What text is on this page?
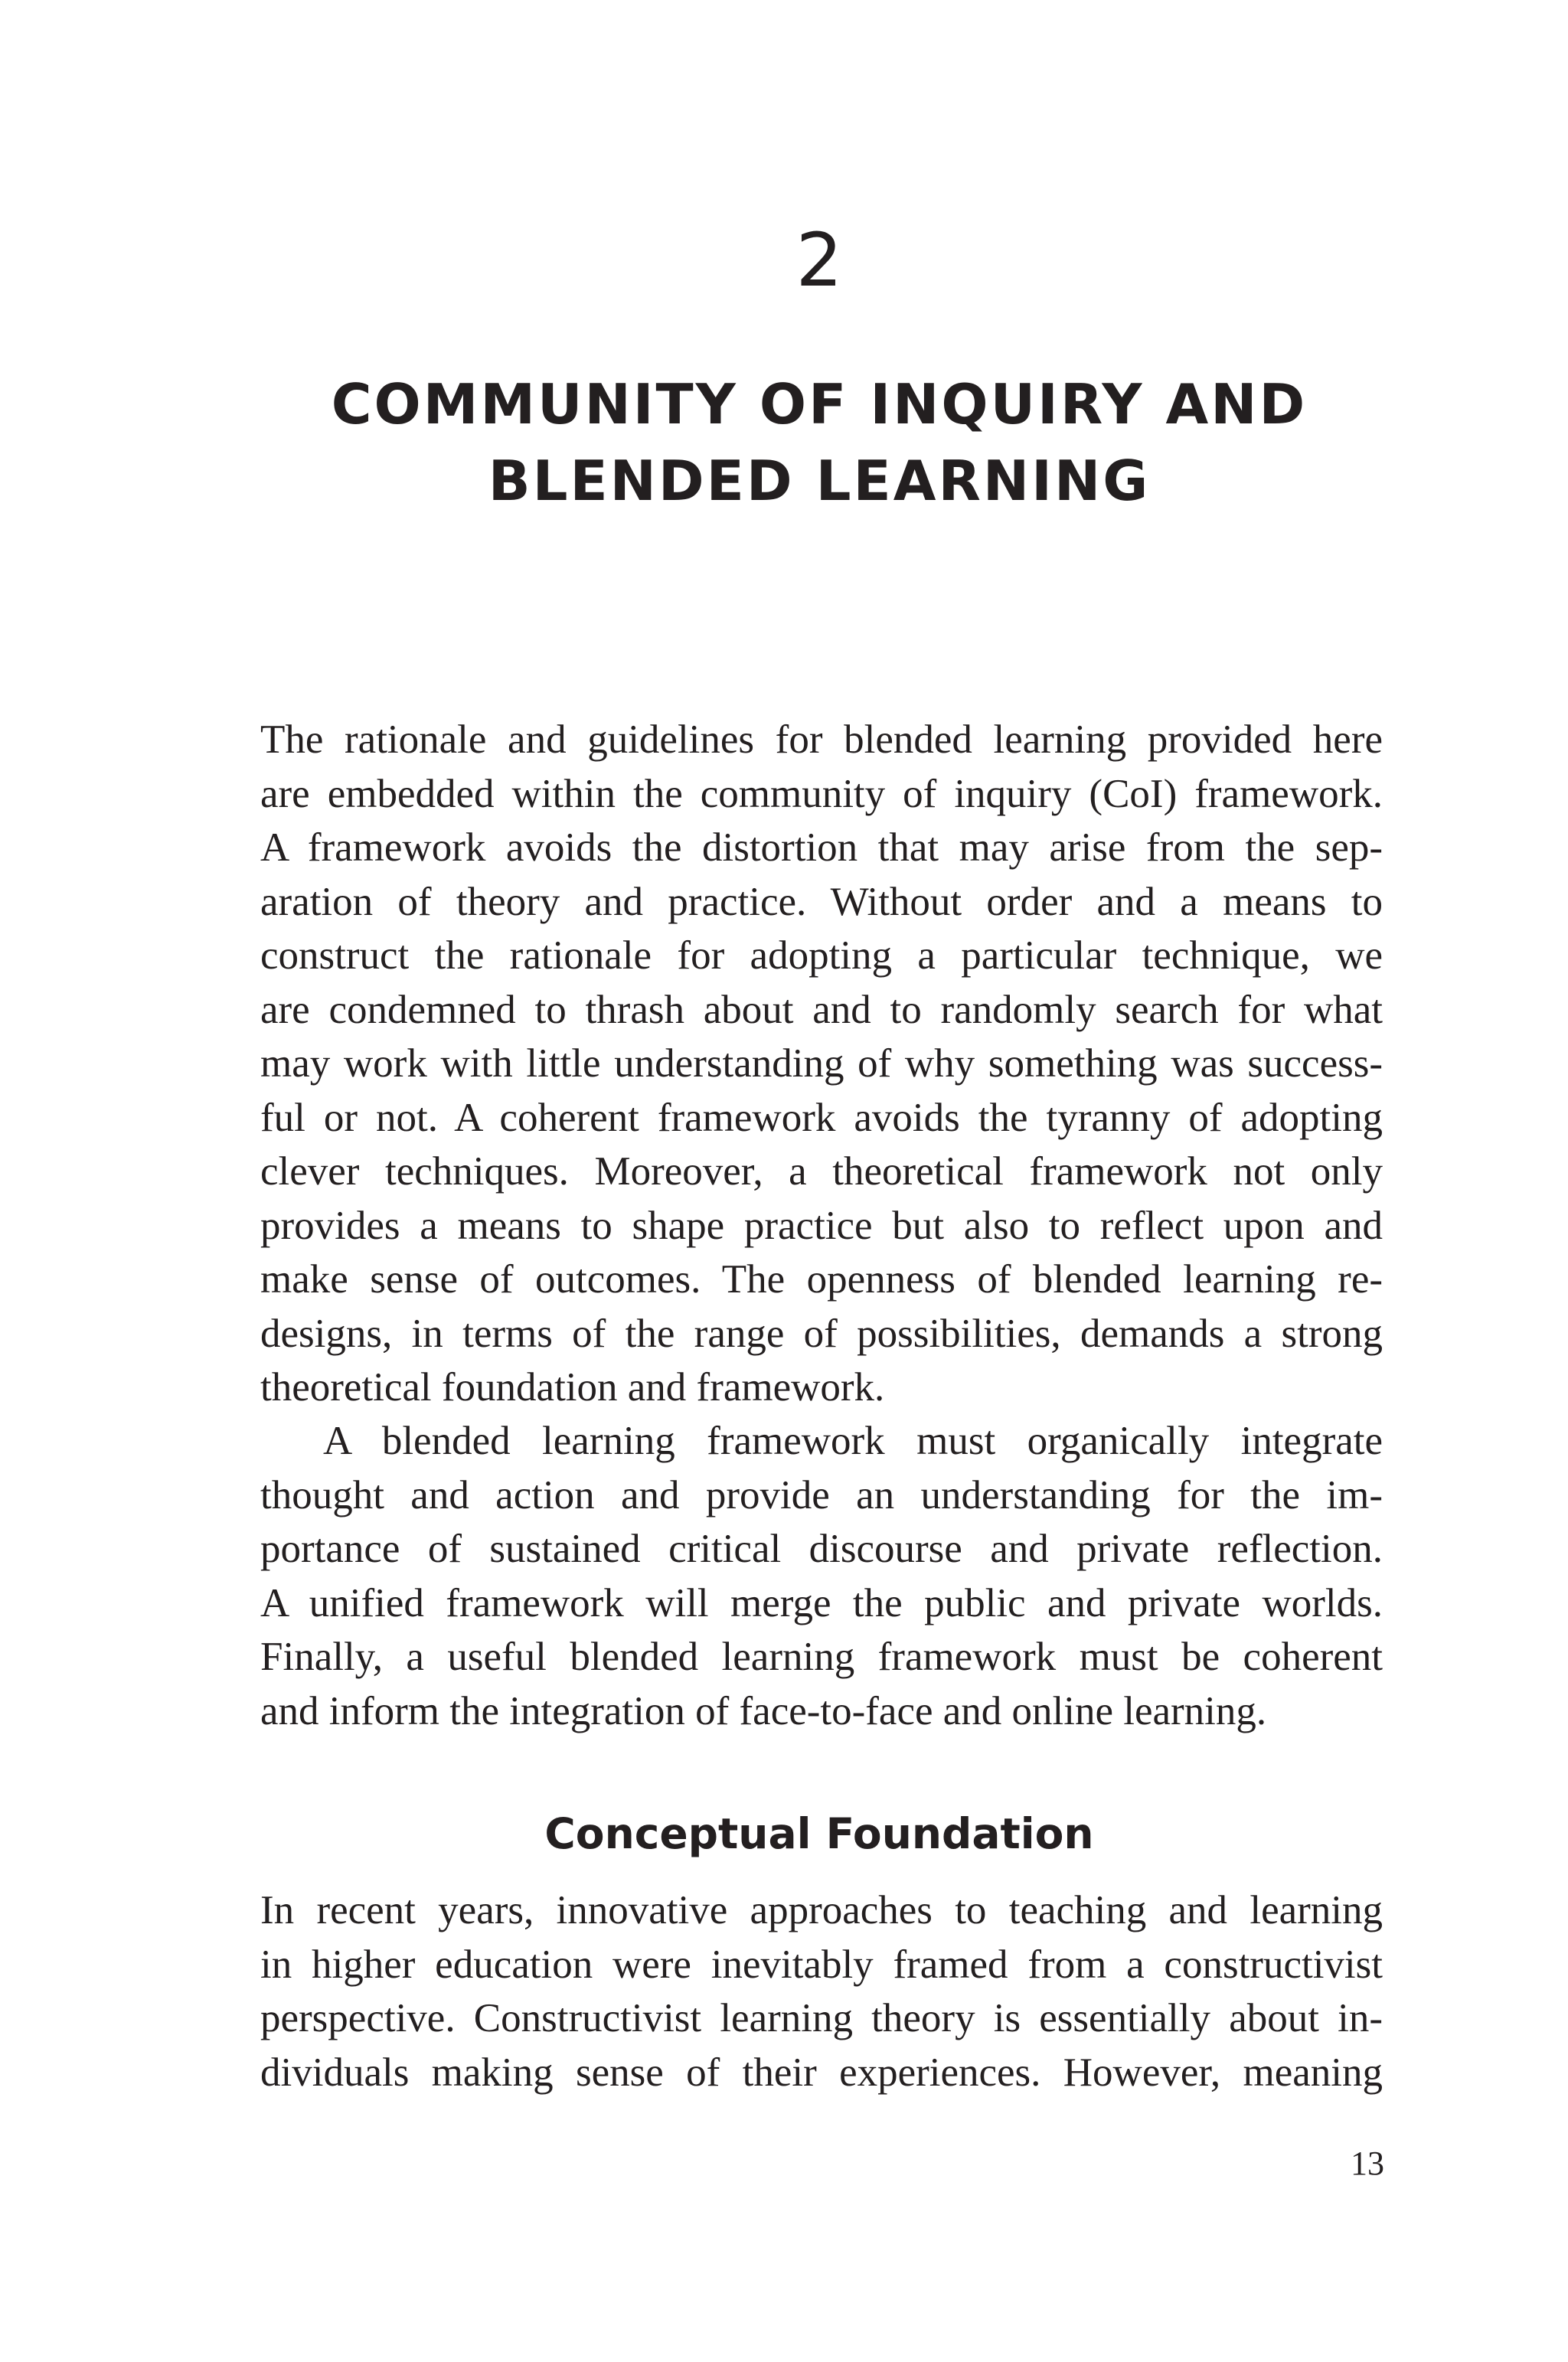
2
COMMUNITY OF INQUIRY AND
BLENDED LEARNING

The rationale and guidelines for blended learning provided here
are embedded within the community of inquiry (CoI) framework.
A framework avoids the distortion that may arise from the sep-
aration of theory and practice. Without order and a means to
construct the rationale for adopting a particular technique, we
are condemned to thrash about and to randomly search for what
may work with little understanding of why something was success-
ful or not. A coherent framework avoids the tyranny of adopting
clever techniques. Moreover, a theoretical framework not only
provides a means to shape practice but also to reflect upon and
make sense of outcomes. The openness of blended learning re-
designs, in terms of the range of possibilities, demands a strong
theoretical foundation and framework.

A blended learning framework must organically integrate
thought and action and provide an understanding for the im-
portance of sustained critical discourse and private reflection.
A unified framework will merge the public and private worlds.
Finally, a useful blended learning framework must be coherent
and inform the integration of face-to-face and online learning.

Conceptual Foundation

In recent years, innovative approaches to teaching and learning
in higher education were inevitably framed from a constructivist
perspective. Constructivist learning theory is essentially about in-
dividuals making sense of their experiences. However, meaning

13
